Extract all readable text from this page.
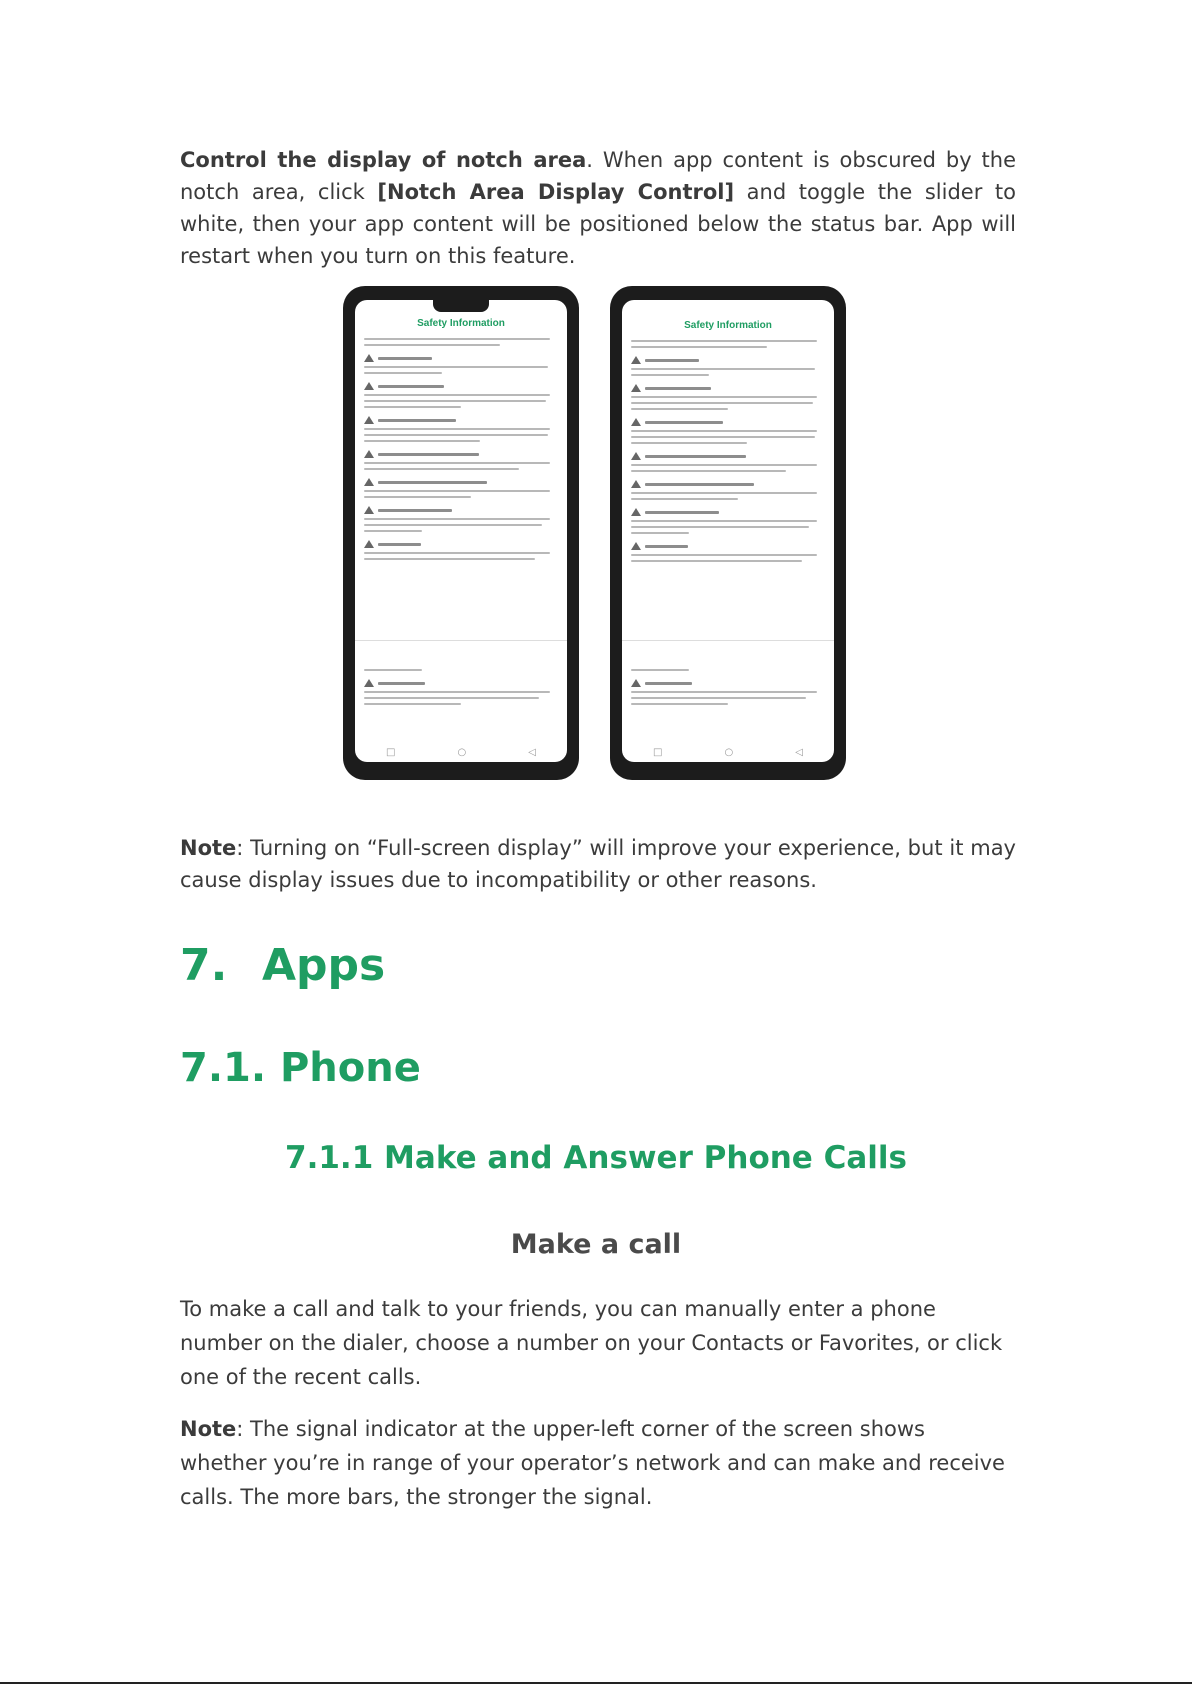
Control the display of notch area. When app content is obscured by the notch area, click [Notch Area Display Control] and toggle the slider to white, then your app content will be positioned below the status bar. App will restart when you turn on this feature.

Safety Information
□	○	◁
Safety Information
□	○	◁

Note: Turning on “Full-screen display” will improve your experience, but it may cause display issues due to incompatibility or other reasons.

7. Apps
7.1. Phone
7.1.1 Make and Answer Phone Calls
Make a call

To make a call and talk to your friends, you can manually enter a phone number on the dialer, choose a number on your Contacts or Favorites, or click one of the recent calls.

Note: The signal indicator at the upper-left corner of the screen shows whether you’re in range of your operator’s network and can make and receive calls. The more bars, the stronger the signal.
